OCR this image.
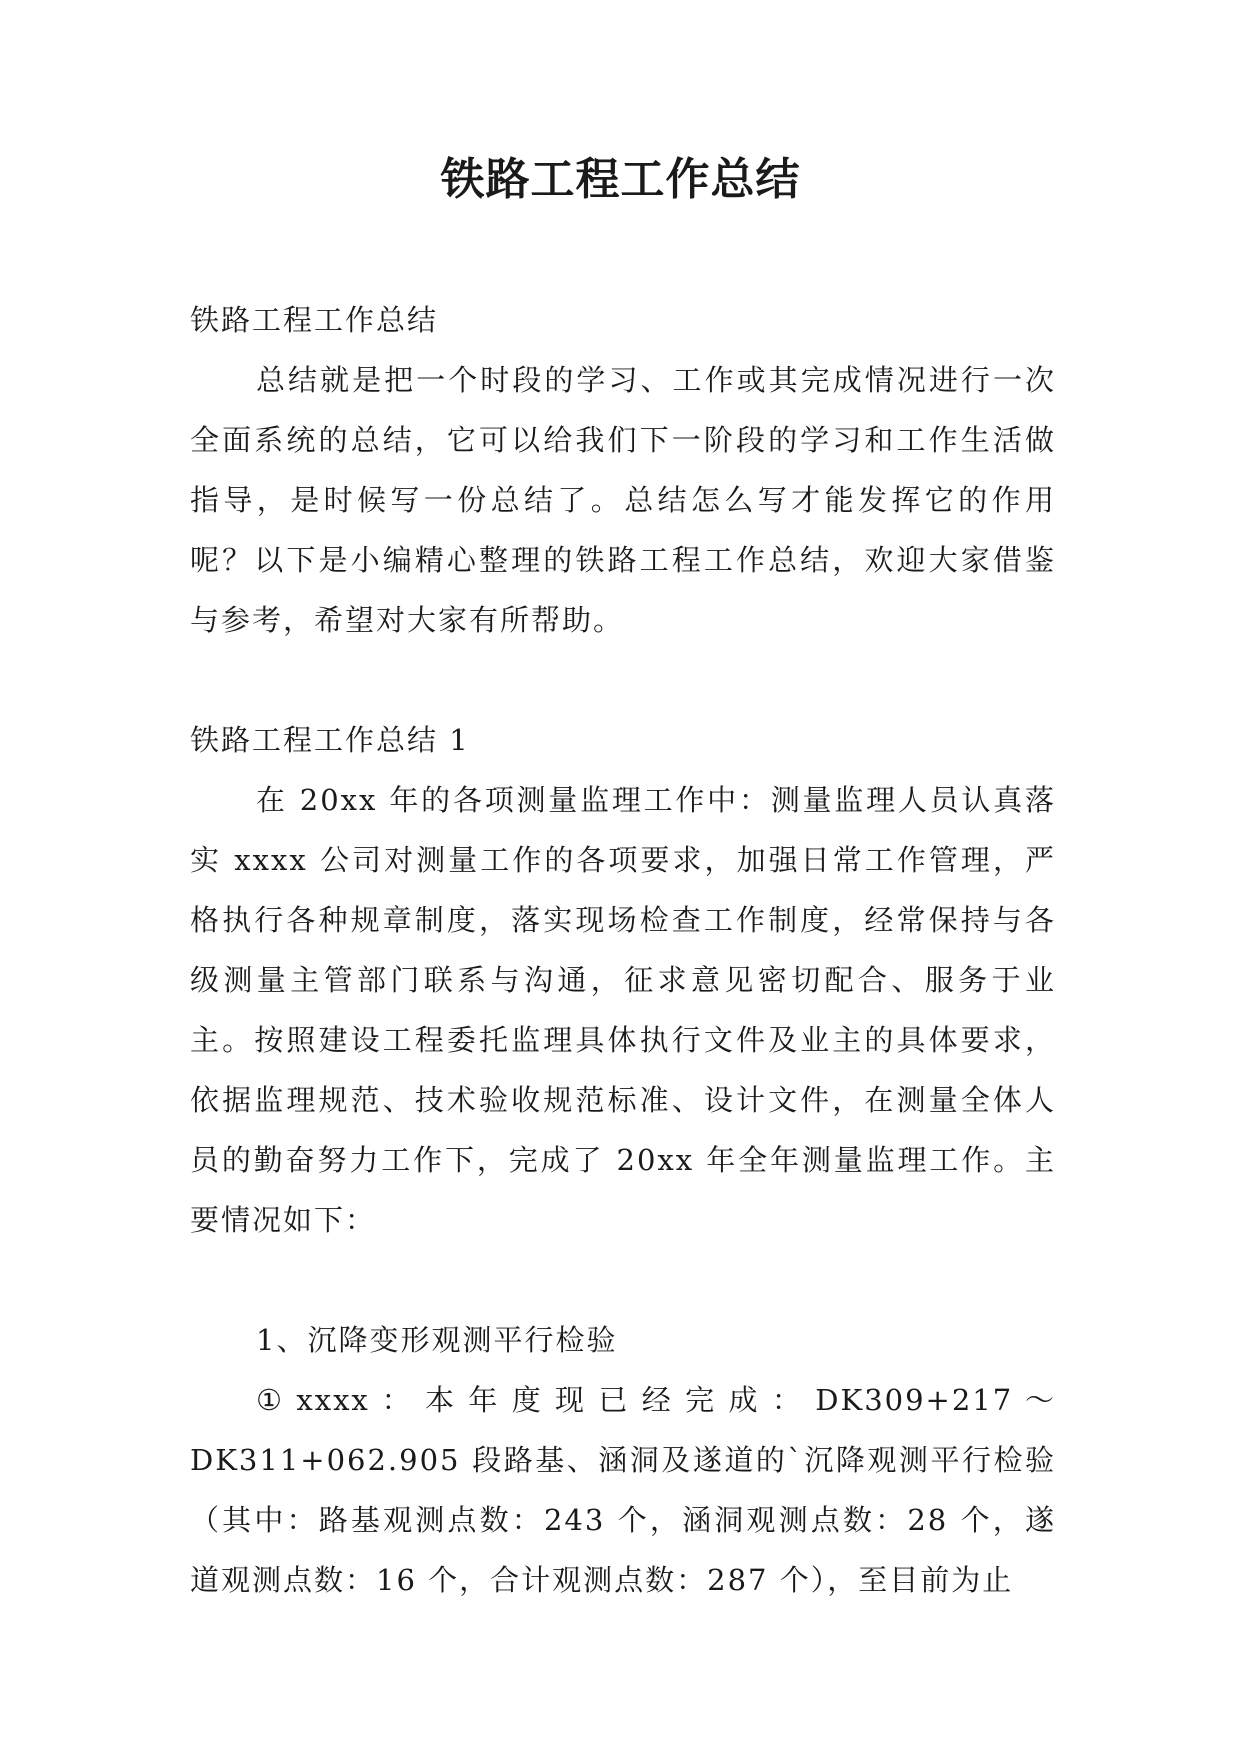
铁路工程工作总结

铁路工程工作总结

总结就是把一个时段的学习、工作或其完成情况进行一次全面系统的总结，它可以给我们下一阶段的学习和工作生活做指导，是时候写一份总结了。总结怎么写才能发挥它的作用呢？以下是小编精心整理的铁路工程工作总结，欢迎大家借鉴与参考，希望对大家有所帮助。

铁路工程工作总结 1

在 20xx 年的各项测量监理工作中：测量监理人员认真落实 xxxx 公司对测量工作的各项要求，加强日常工作管理，严格执行各种规章制度，落实现场检查工作制度，经常保持与各级测量主管部门联系与沟通，征求意见密切配合、服务于业主。按照建设工程委托监理具体执行文件及业主的具体要求，依据监理规范、技术验收规范标准、设计文件，在测量全体人员的勤奋努力工作下，完成了 20xx 年全年测量监理工作。主要情况如下：

1、沉降变形观测平行检验

① xxxx ： 本 年 度 现 已 经 完 成 ： DK309+217 ～ DK311+062.905 段路基、涵洞及遂道的`沉降观测平行检验（其中：路基观测点数：243 个，涵洞观测点数：28 个，遂道观测点数：16 个，合计观测点数：287 个），至目前为止
